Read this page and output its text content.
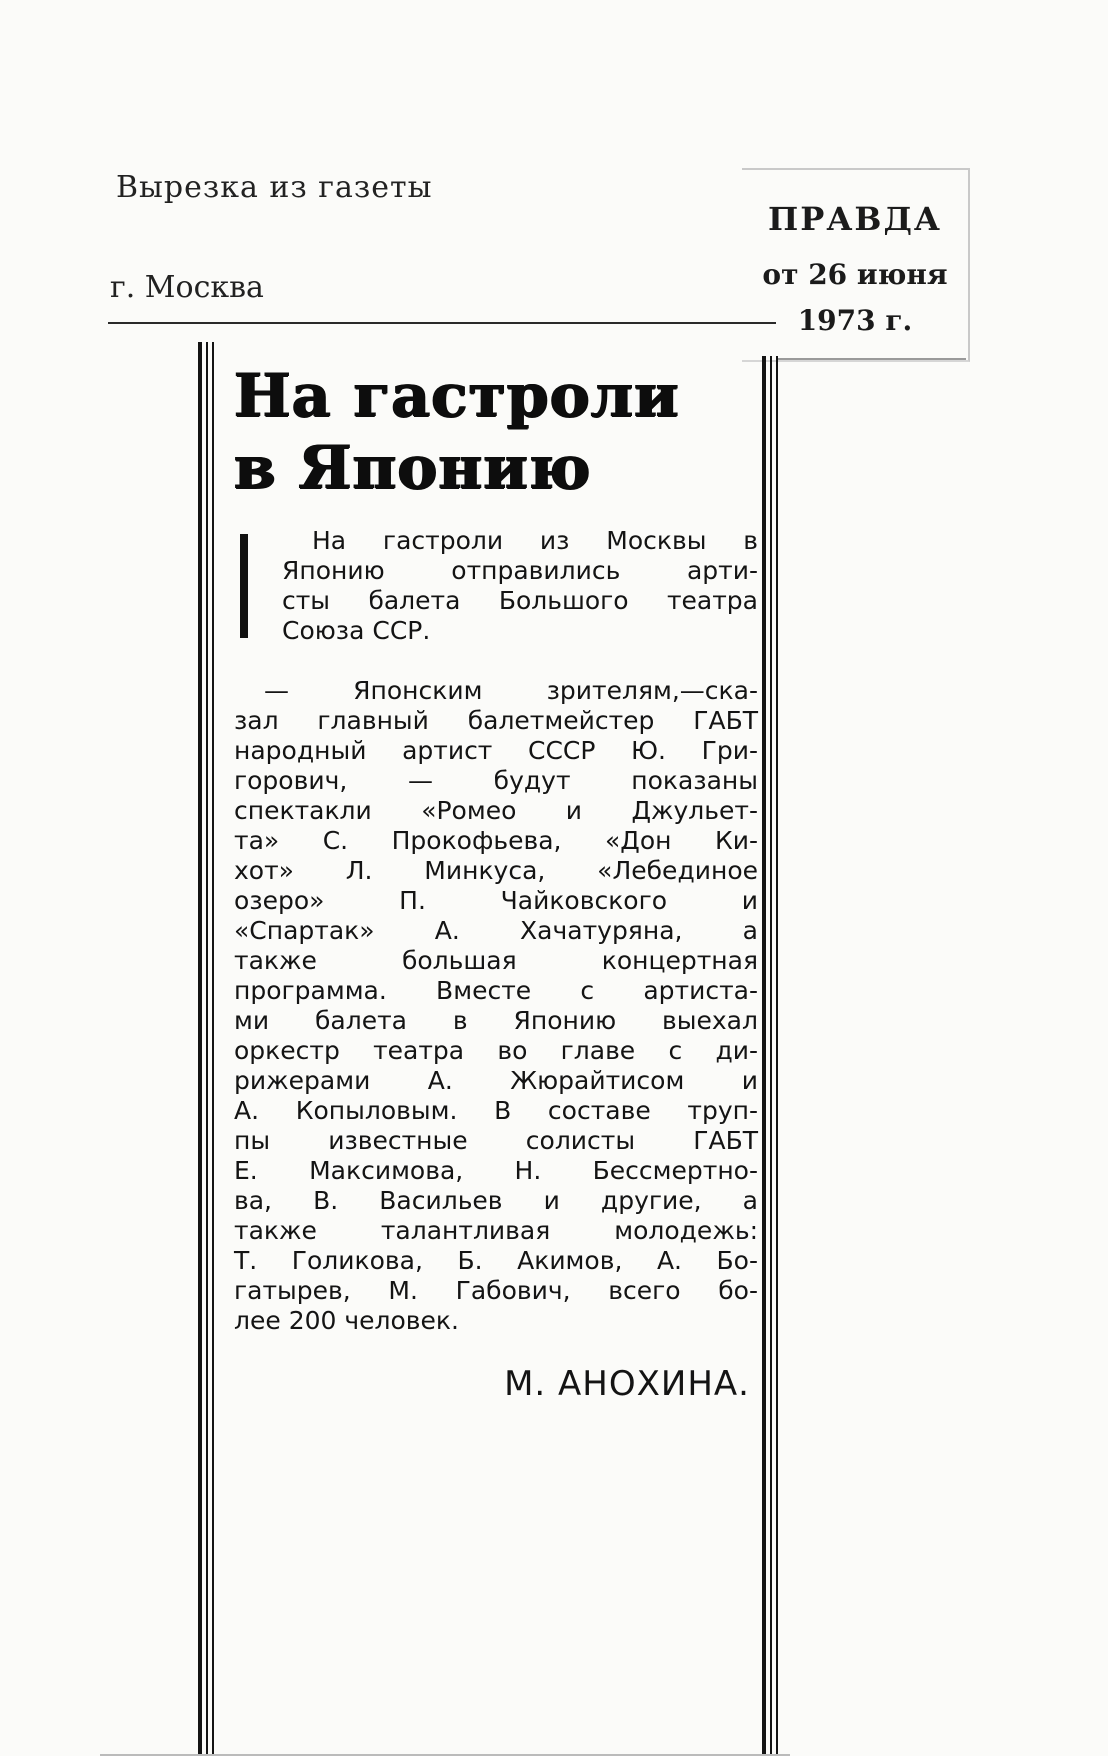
Вырезка из газеты
г. Москва
ПРАВДА
от 26 июня
1973 г.
На гастроли
в Японию
На гастроли из Москвы в
Японию отправились арти-
сты балета Большого театра
Союза ССР.
— Японским зрителям,—ска-
зал главный балетмейстер ГАБТ
народный артист СССР Ю. Гри-
горович, — будут показаны
спектакли «Ромео и Джульет-
та» С. Прокофьева, «Дон Ки-
хот» Л. Минкуса, «Лебединое
озеро» П. Чайковского и
«Спартак» А. Хачатуряна, а
также большая концертная
программа. Вместе с артиста-
ми балета в Японию выехал
оркестр театра во главе с ди-
рижерами А. Жюрайтисом и
А. Копыловым. В составе труп-
пы известные солисты ГАБТ
Е. Максимова, Н. Бессмертно-
ва, В. Васильев и другие, а
также талантливая молодежь:
Т. Голикова, Б. Акимов, А. Бо-
гатырев, М. Габович, всего бо-
лее 200 человек.
М. АНОХИНА.
